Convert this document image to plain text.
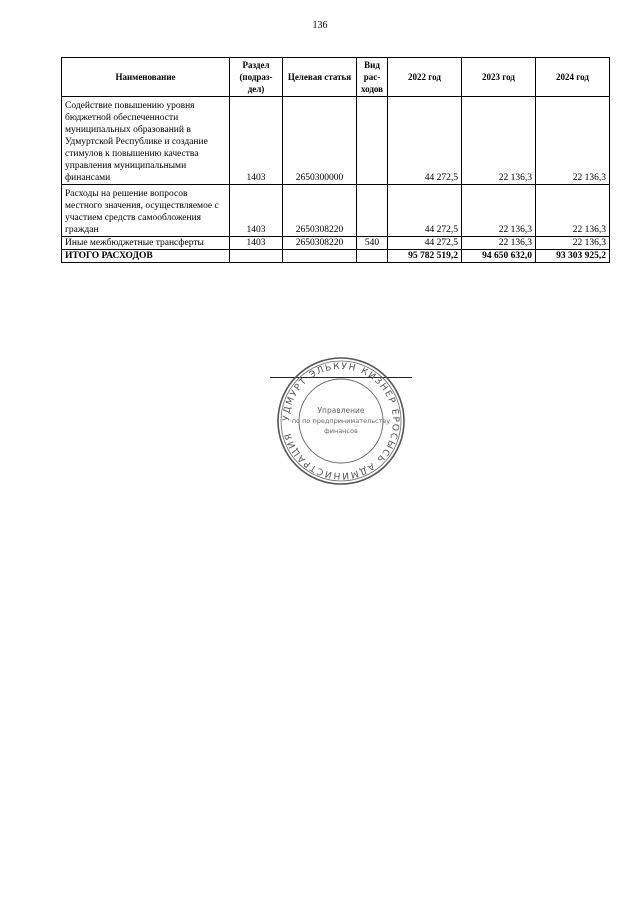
136
Наименование	Раздел (подраз-дел)	Целевая статья	Вид рас-ходов	2022 год	2023 год	2024 год
Содействие повышению уровня бюджетной обеспеченности муниципальных образований в Удмуртской Республике и создание стимулов к повышению качества управления муниципальными финансами	1403	2650300000		44 272,5	22 136,3	22 136,3
Расходы на решение вопросов местного значения, осуществляемое с участием средств самообложения граждан	1403	2650308220		44 272,5	22 136,3	22 136,3
Иные межбюджетные трансферты	1403	2650308220	540	44 272,5	22 136,3	22 136,3
ИТОГО РАСХОДОВ				95 782 519,2	94 650 632,0	93 303 925,2
УДМУРТ ЭЛЬКУН КИЗНЕР ЁРОСЫСЬ АДМИНИСТРАЦИЯ
Управление
по по предпринимательству
финансов
